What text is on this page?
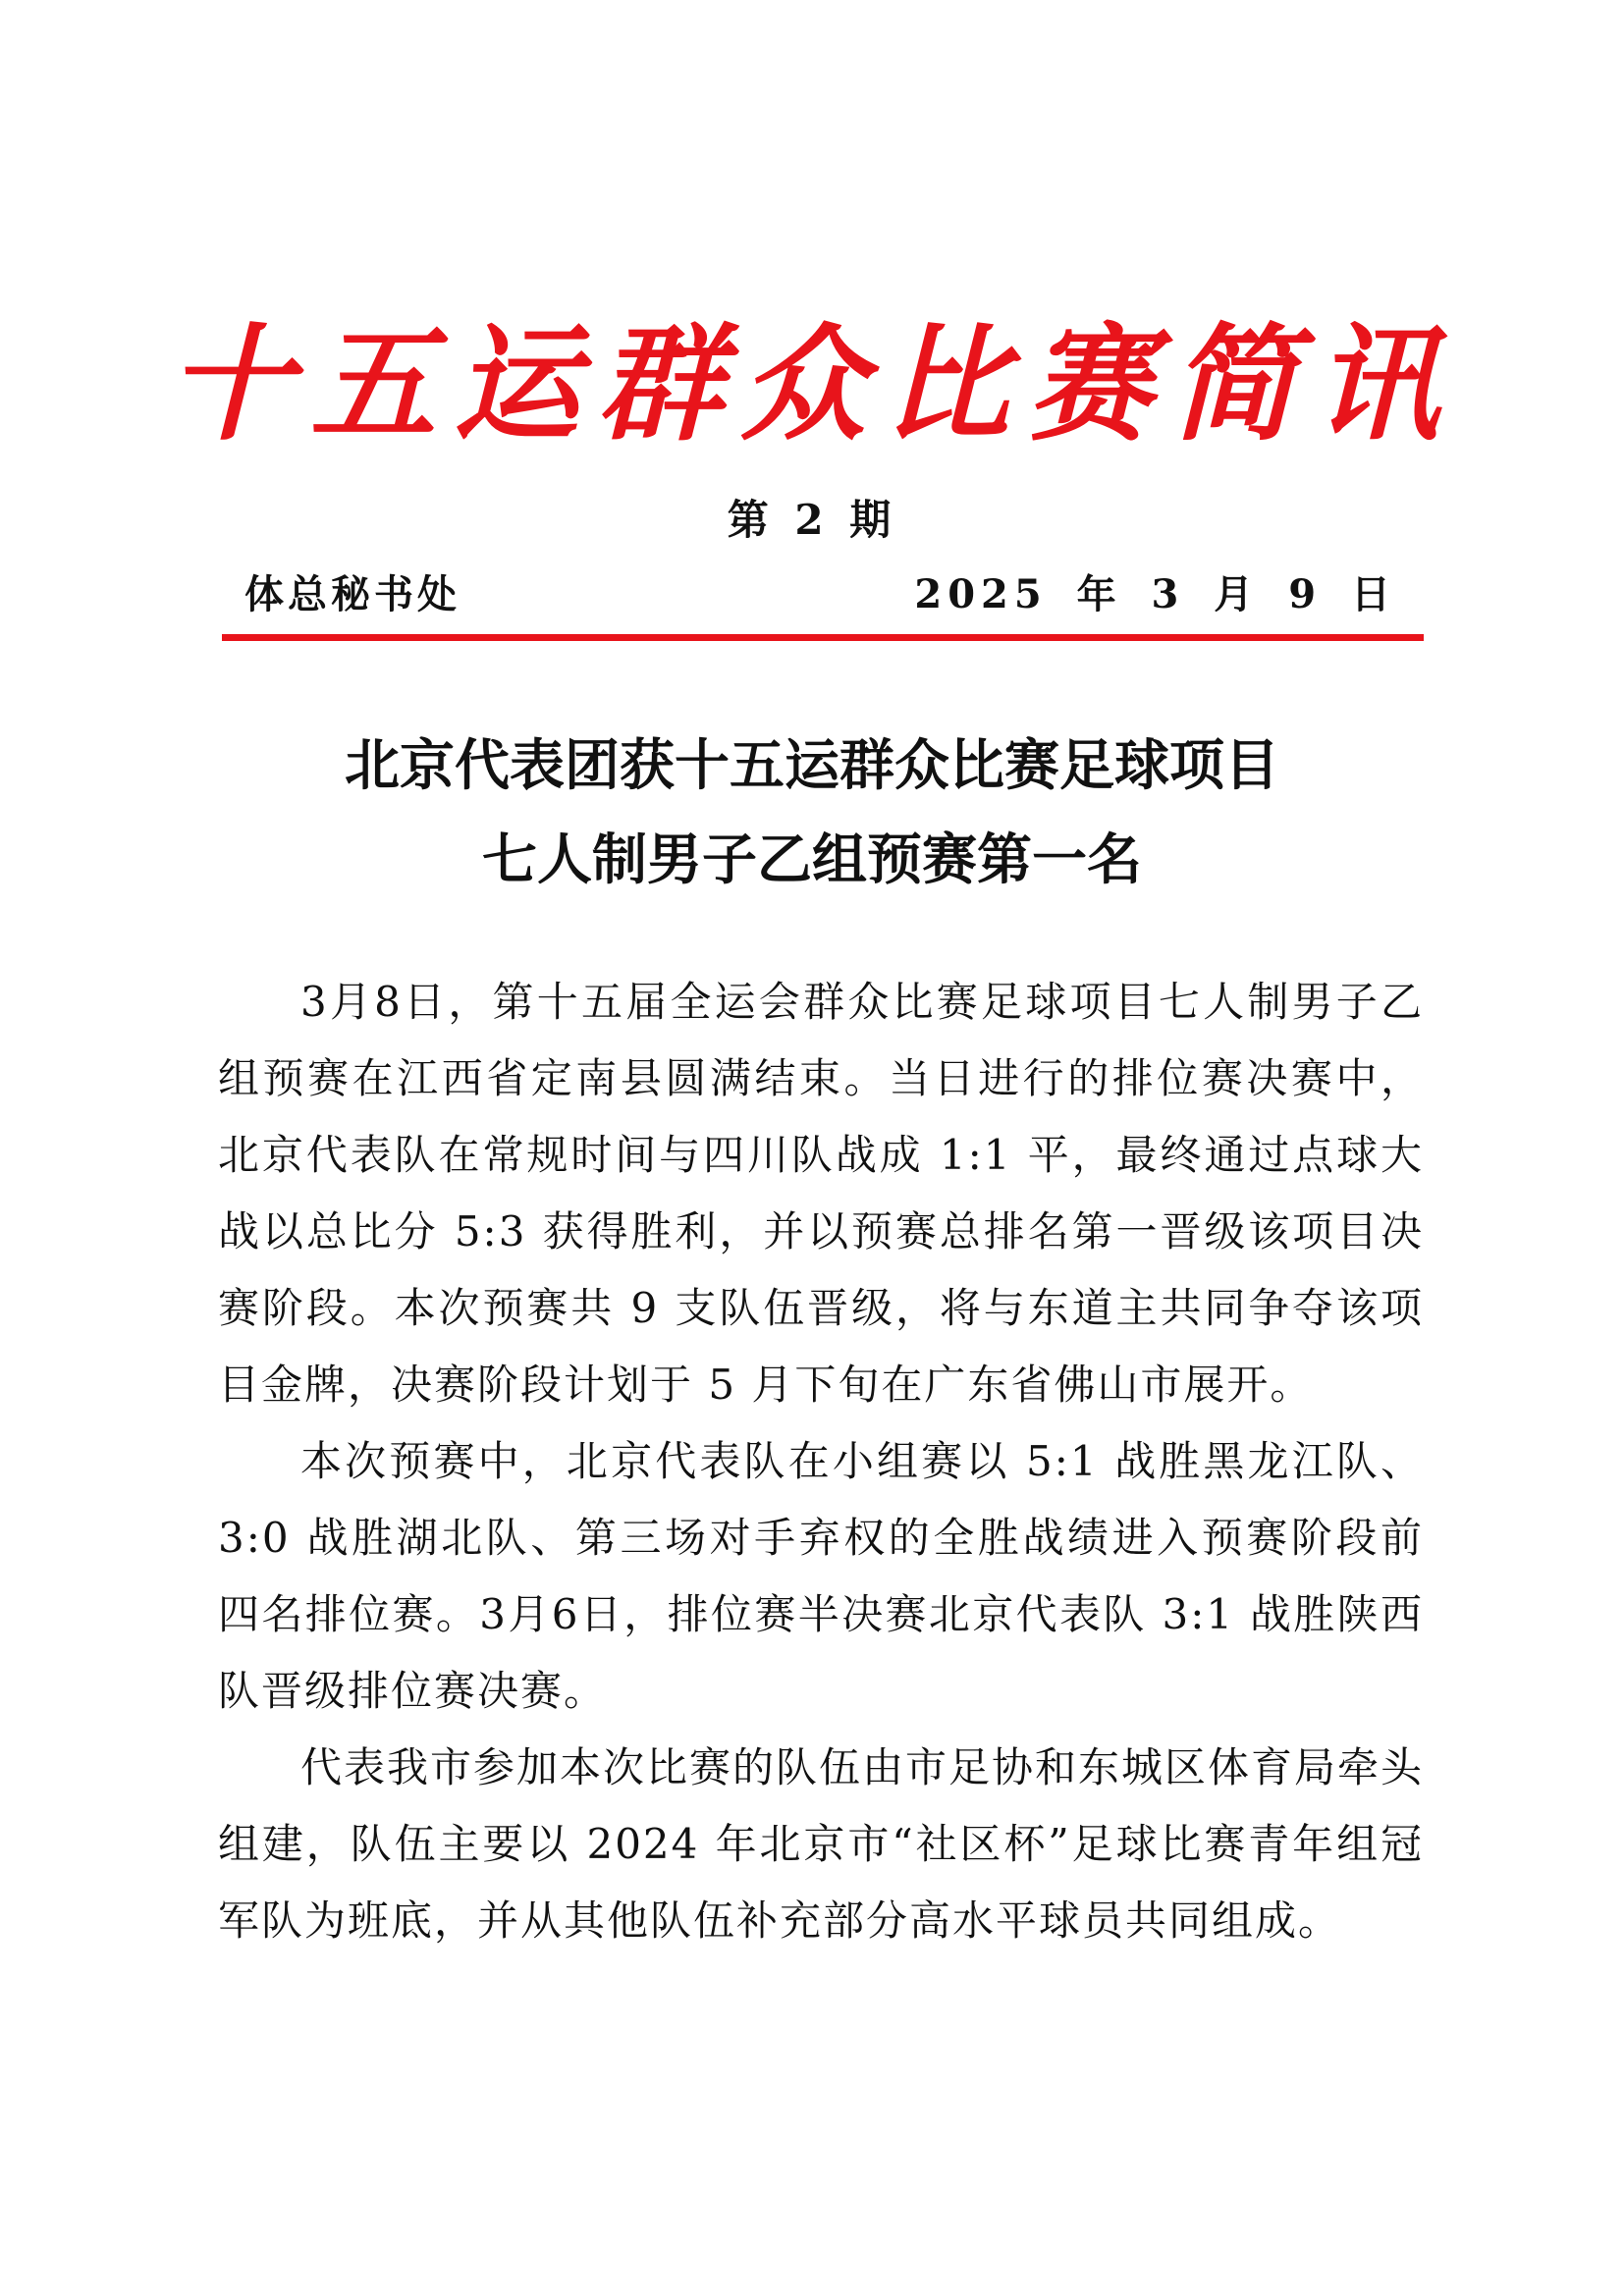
十五运群众比赛简讯
第 2 期
体总秘书处	2025 年 3 月 9 日
北京代表团获十五运群众比赛足球项目
七人制男子乙组预赛第一名

3月8日，第十五届全运会群众比赛足球项目七人制男子乙组预赛在江西省定南县圆满结束。当日进行的排位赛决赛中，北京代表队在常规时间与四川队战成 1:1 平，最终通过点球大战以总比分 5:3 获得胜利，并以预赛总排名第一晋级该项目决赛阶段。本次预赛共 9 支队伍晋级，将与东道主共同争夺该项目金牌，决赛阶段计划于 5 月下旬在广东省佛山市展开。

本次预赛中，北京代表队在小组赛以 5:1 战胜黑龙江队、3:0 战胜湖北队、第三场对手弃权的全胜战绩进入预赛阶段前四名排位赛。3月6日，排位赛半决赛北京代表队 3:1 战胜陕西队晋级排位赛决赛。

代表我市参加本次比赛的队伍由市足协和东城区体育局牵头组建，队伍主要以 2024 年北京市“社区杯”足球比赛青年组冠军队为班底，并从其他队伍补充部分高水平球员共同组成。
